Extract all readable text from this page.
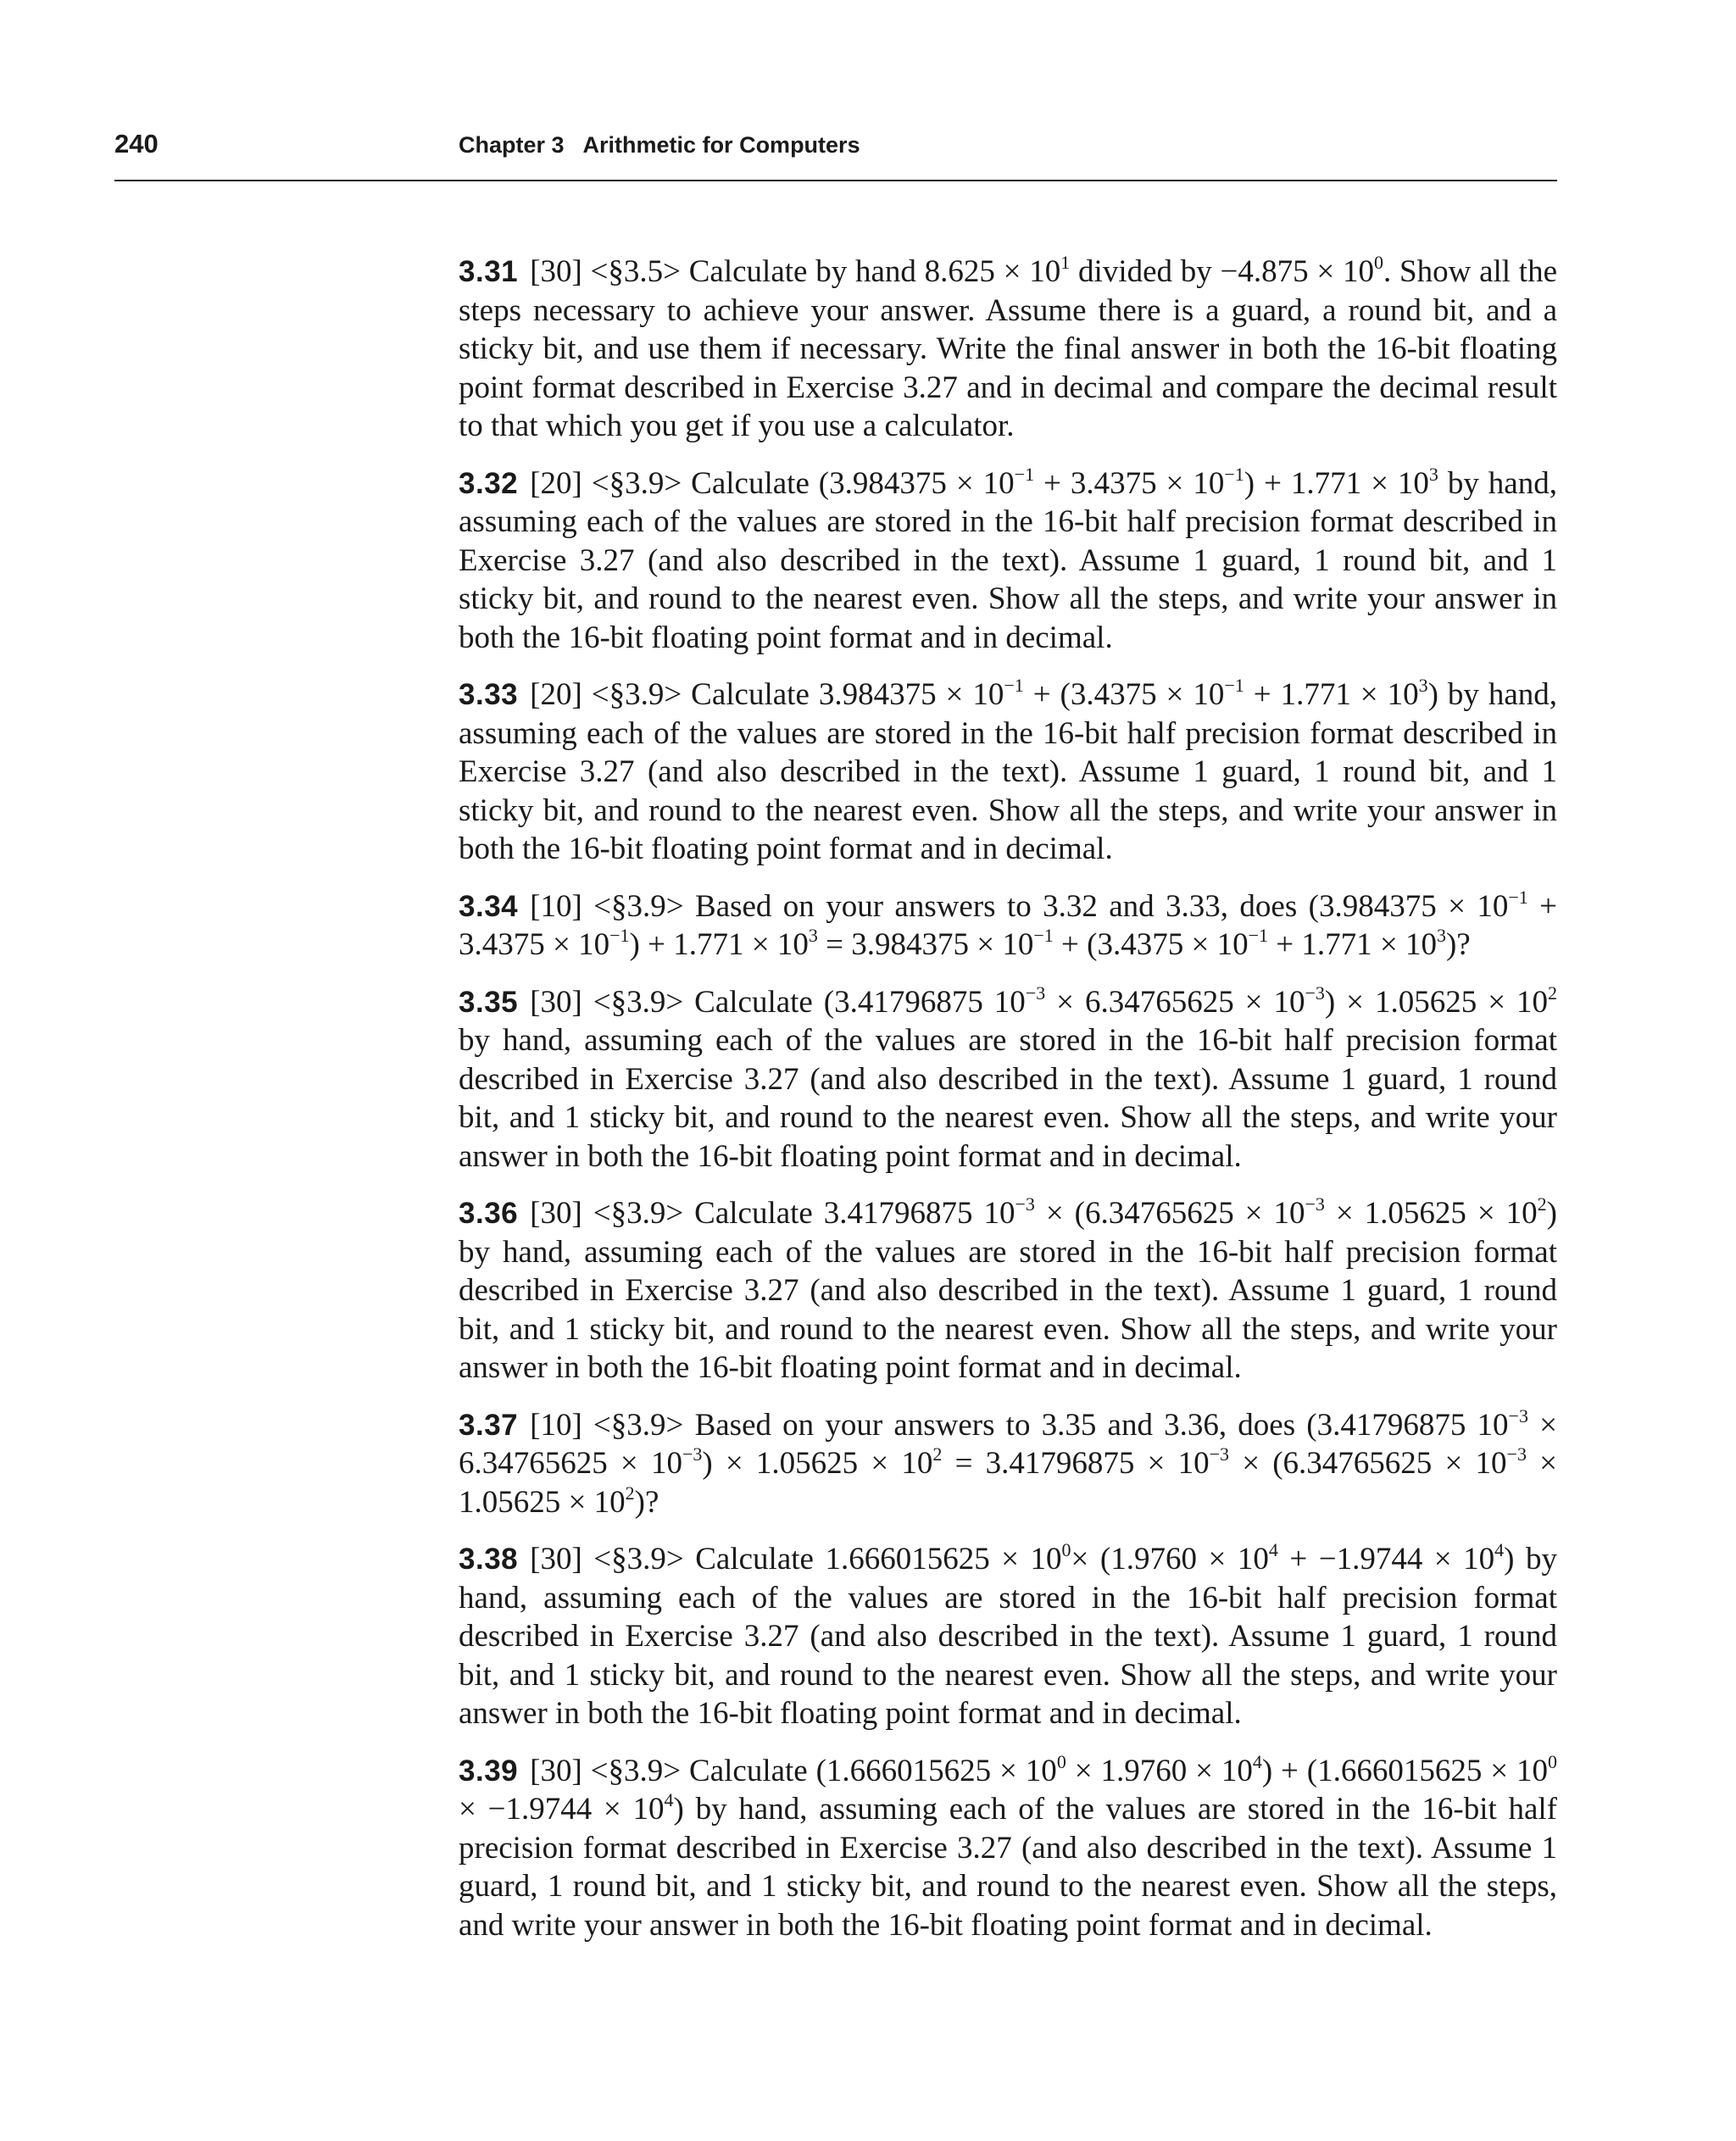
240	Chapter 3 Arithmetic for Computers

3.31 [30] <§3.5> Calculate by hand $8.625 \times 10^1$ divided by $-4.875 \times 10^0$. Show all the steps necessary to achieve your answer. Assume there is a guard, a round bit, and a sticky bit, and use them if necessary. Write the final answer in both the 16-bit floating point format described in Exercise 3.27 and in decimal and compare the decimal result to that which you get if you use a calculator.

3.32 [20] <§3.9> Calculate $(3.984375 \times 10^{-1} + 3.4375 \times 10^{-1}) + 1.771 \times 10^3$ by hand, assuming each of the values are stored in the 16-bit half precision format described in Exercise 3.27 (and also described in the text). Assume 1 guard, 1 round bit, and 1 sticky bit, and round to the nearest even. Show all the steps, and write your answer in both the 16-bit floating point format and in decimal.

3.33 [20] <§3.9> Calculate $3.984375 \times 10^{-1} + (3.4375 \times 10^{-1} + 1.771 \times 10^3)$ by hand, assuming each of the values are stored in the 16-bit half precision format described in Exercise 3.27 (and also described in the text). Assume 1 guard, 1 round bit, and 1 sticky bit, and round to the nearest even. Show all the steps, and write your answer in both the 16-bit floating point format and in decimal.

3.34 [10] <§3.9> Based on your answers to 3.32 and 3.33, does $(3.984375 \times 10^{-1} + 3.4375 \times 10^{-1}) + 1.771 \times 10^3 = 3.984375 \times 10^{-1} + (3.4375 \times 10^{-1} + 1.771 \times 10^3)$?

3.35 [30] <§3.9> Calculate (3.41796875 $10^{-3} \times 6.34765625 \times 10^{-3}) \times 1.05625 \times 10^2$ by hand, assuming each of the values are stored in the 16-bit half precision format described in Exercise 3.27 (and also described in the text). Assume 1 guard, 1 round bit, and 1 sticky bit, and round to the nearest even. Show all the steps, and write your answer in both the 16-bit floating point format and in decimal.

3.36 [30] <§3.9> Calculate 3.41796875 $10^{-3} \times (6.34765625 \times 10^{-3} \times 1.05625 \times 10^2)$ by hand, assuming each of the values are stored in the 16-bit half precision format described in Exercise 3.27 (and also described in the text). Assume 1 guard, 1 round bit, and 1 sticky bit, and round to the nearest even. Show all the steps, and write your answer in both the 16-bit floating point format and in decimal.

3.37 [10] <§3.9> Based on your answers to 3.35 and 3.36, does (3.41796875 $10^{-3} \times 6.34765625 \times 10^{-3}) \times 1.05625 \times 10^2 = 3.41796875 \times 10^{-3} \times (6.34765625 \times 10^{-3} \times 1.05625 \times 10^2)$?

3.38 [30] <§3.9> Calculate $1.666015625 \times 10^0\times (1.9760 \times 10^4 + -1.9744 \times 10^4)$ by hand, assuming each of the values are stored in the 16-bit half precision format described in Exercise 3.27 (and also described in the text). Assume 1 guard, 1 round bit, and 1 sticky bit, and round to the nearest even. Show all the steps, and write your answer in both the 16-bit floating point format and in decimal.

3.39 [30] <§3.9> Calculate $(1.666015625 \times 10^0 \times 1.9760 \times 10^4) + (1.666015625 \times 10^0 \times -1.9744 \times 10^4)$ by hand, assuming each of the values are stored in the 16-bit half precision format described in Exercise 3.27 (and also described in the text). Assume 1 guard, 1 round bit, and 1 sticky bit, and round to the nearest even. Show all the steps, and write your answer in both the 16-bit floating point format and in decimal.
